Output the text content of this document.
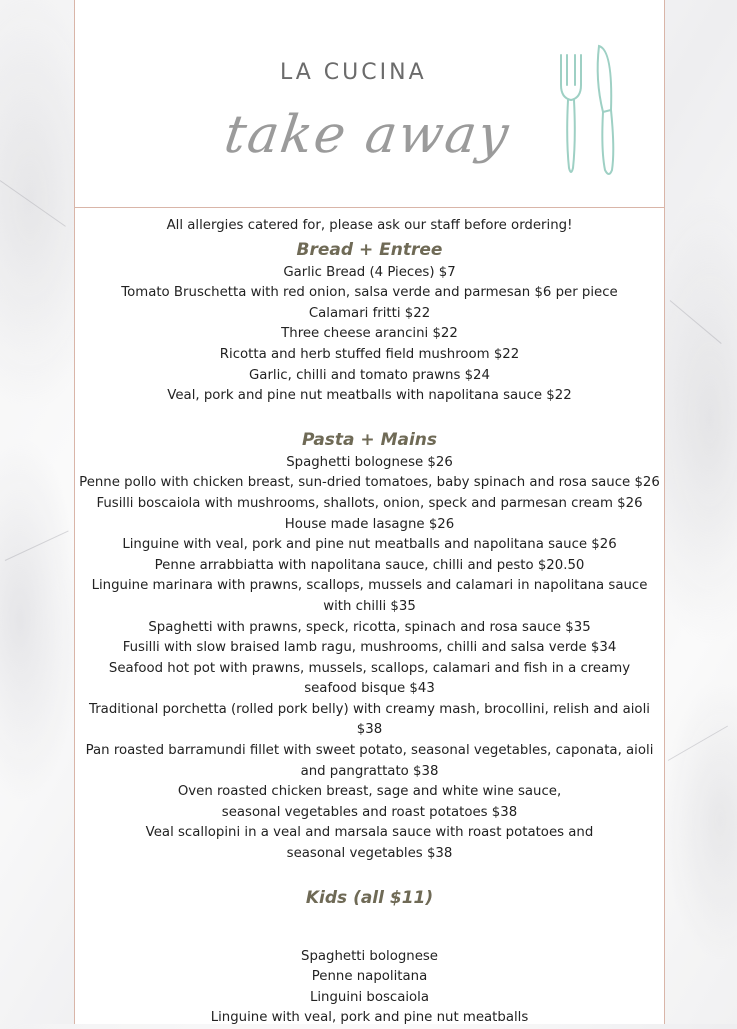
LA CUCINA
take away

All allergies catered for, please ask our staff before ordering!

Bread + Entree

Garlic Bread (4 Pieces) $7

Tomato Bruschetta with red onion, salsa verde and parmesan $6 per piece

Calamari fritti $22

Three cheese arancini $22

Ricotta and herb stuffed field mushroom $22

Garlic, chilli and tomato prawns $24

Veal, pork and pine nut meatballs with napolitana sauce $22

Pasta + Mains

Spaghetti bolognese $26

Penne pollo with chicken breast, sun-dried tomatoes, baby spinach and rosa sauce $26

Fusilli boscaiola with mushrooms, shallots, onion, speck and parmesan cream $26

House made lasagne $26

Linguine with veal, pork and pine nut meatballs and napolitana sauce $26

Penne arrabbiatta with napolitana sauce, chilli and pesto $20.50

Linguine marinara with prawns, scallops, mussels and calamari in napolitana sauce

with chilli $35

Spaghetti with prawns, speck, ricotta, spinach and rosa sauce $35

Fusilli with slow braised lamb ragu, mushrooms, chilli and salsa verde $34

Seafood hot pot with prawns, mussels, scallops, calamari and fish in a creamy

seafood bisque $43

Traditional porchetta (rolled pork belly) with creamy mash, brocollini, relish and aioli $38

Pan roasted barramundi fillet with sweet potato, seasonal vegetables, caponata, aioli

and pangrattato $38

Oven roasted chicken breast, sage and white wine sauce,

seasonal vegetables and roast potatoes $38

Veal scallopini in a veal and marsala sauce with roast potatoes and

seasonal vegetables $38

Kids (all $11)

Spaghetti bolognese

Penne napolitana

Linguini boscaiola

Linguine with veal, pork and pine nut meatballs
